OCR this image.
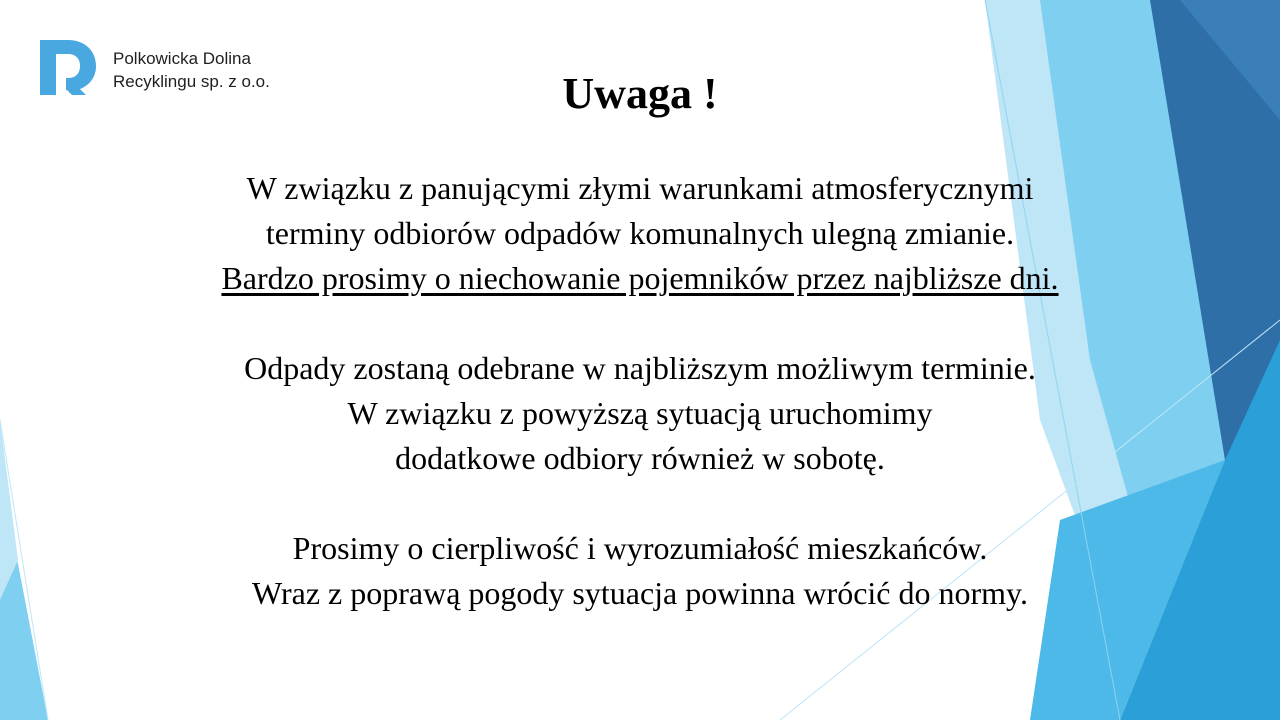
Polkowicka Dolina
Recyklingu sp. z o.o.	Uwaga !
W związku z panującymi złymi warunkami atmosferycznymi
terminy odbiorów odpadów komunalnych ulegną zmianie.
Bardzo prosimy o niechowanie pojemników przez najbliższe dni.
Odpady zostaną odebrane w najbliższym możliwym terminie.
W związku z powyższą sytuacją uruchomimy
dodatkowe odbiory również w sobotę.
Prosimy o cierpliwość i wyrozumiałość mieszkańców.
Wraz z poprawą pogody sytuacja powinna wrócić do normy.
